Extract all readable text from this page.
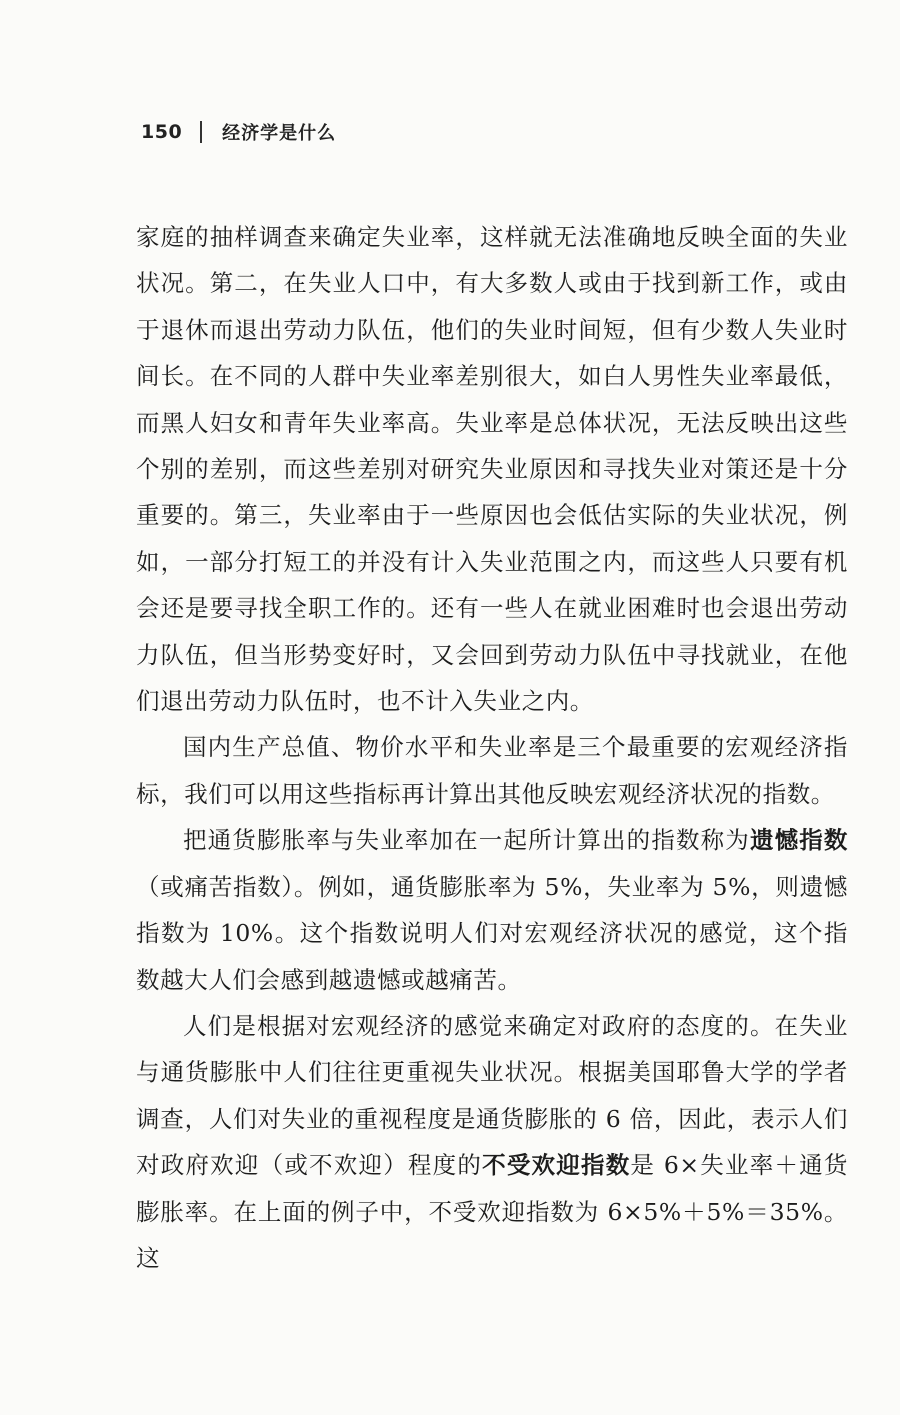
150 经济学是什么

家庭的抽样调查来确定失业率，这样就无法准确地反映全面的失业状况。第二，在失业人口中，有大多数人或由于找到新工作，或由于退休而退出劳动力队伍，他们的失业时间短，但有少数人失业时间长。在不同的人群中失业率差别很大，如白人男性失业率最低，而黑人妇女和青年失业率高。失业率是总体状况，无法反映出这些个别的差别，而这些差别对研究失业原因和寻找失业对策还是十分重要的。第三，失业率由于一些原因也会低估实际的失业状况，例如，一部分打短工的并没有计入失业范围之内，而这些人只要有机会还是要寻找全职工作的。还有一些人在就业困难时也会退出劳动力队伍，但当形势变好时，又会回到劳动力队伍中寻找就业，在他们退出劳动力队伍时，也不计入失业之内。

国内生产总值、物价水平和失业率是三个最重要的宏观经济指标，我们可以用这些指标再计算出其他反映宏观经济状况的指数。

把通货膨胀率与失业率加在一起所计算出的指数称为遗憾指数（或痛苦指数）。例如，通货膨胀率为 5%，失业率为 5%，则遗憾指数为 10%。这个指数说明人们对宏观经济状况的感觉，这个指数越大人们会感到越遗憾或越痛苦。

人们是根据对宏观经济的感觉来确定对政府的态度的。在失业与通货膨胀中人们往往更重视失业状况。根据美国耶鲁大学的学者调查，人们对失业的重视程度是通货膨胀的 6 倍，因此，表示人们对政府欢迎（或不欢迎）程度的不受欢迎指数是 6×失业率＋通货膨胀率。在上面的例子中，不受欢迎指数为 6×5%＋5%＝35%。这
